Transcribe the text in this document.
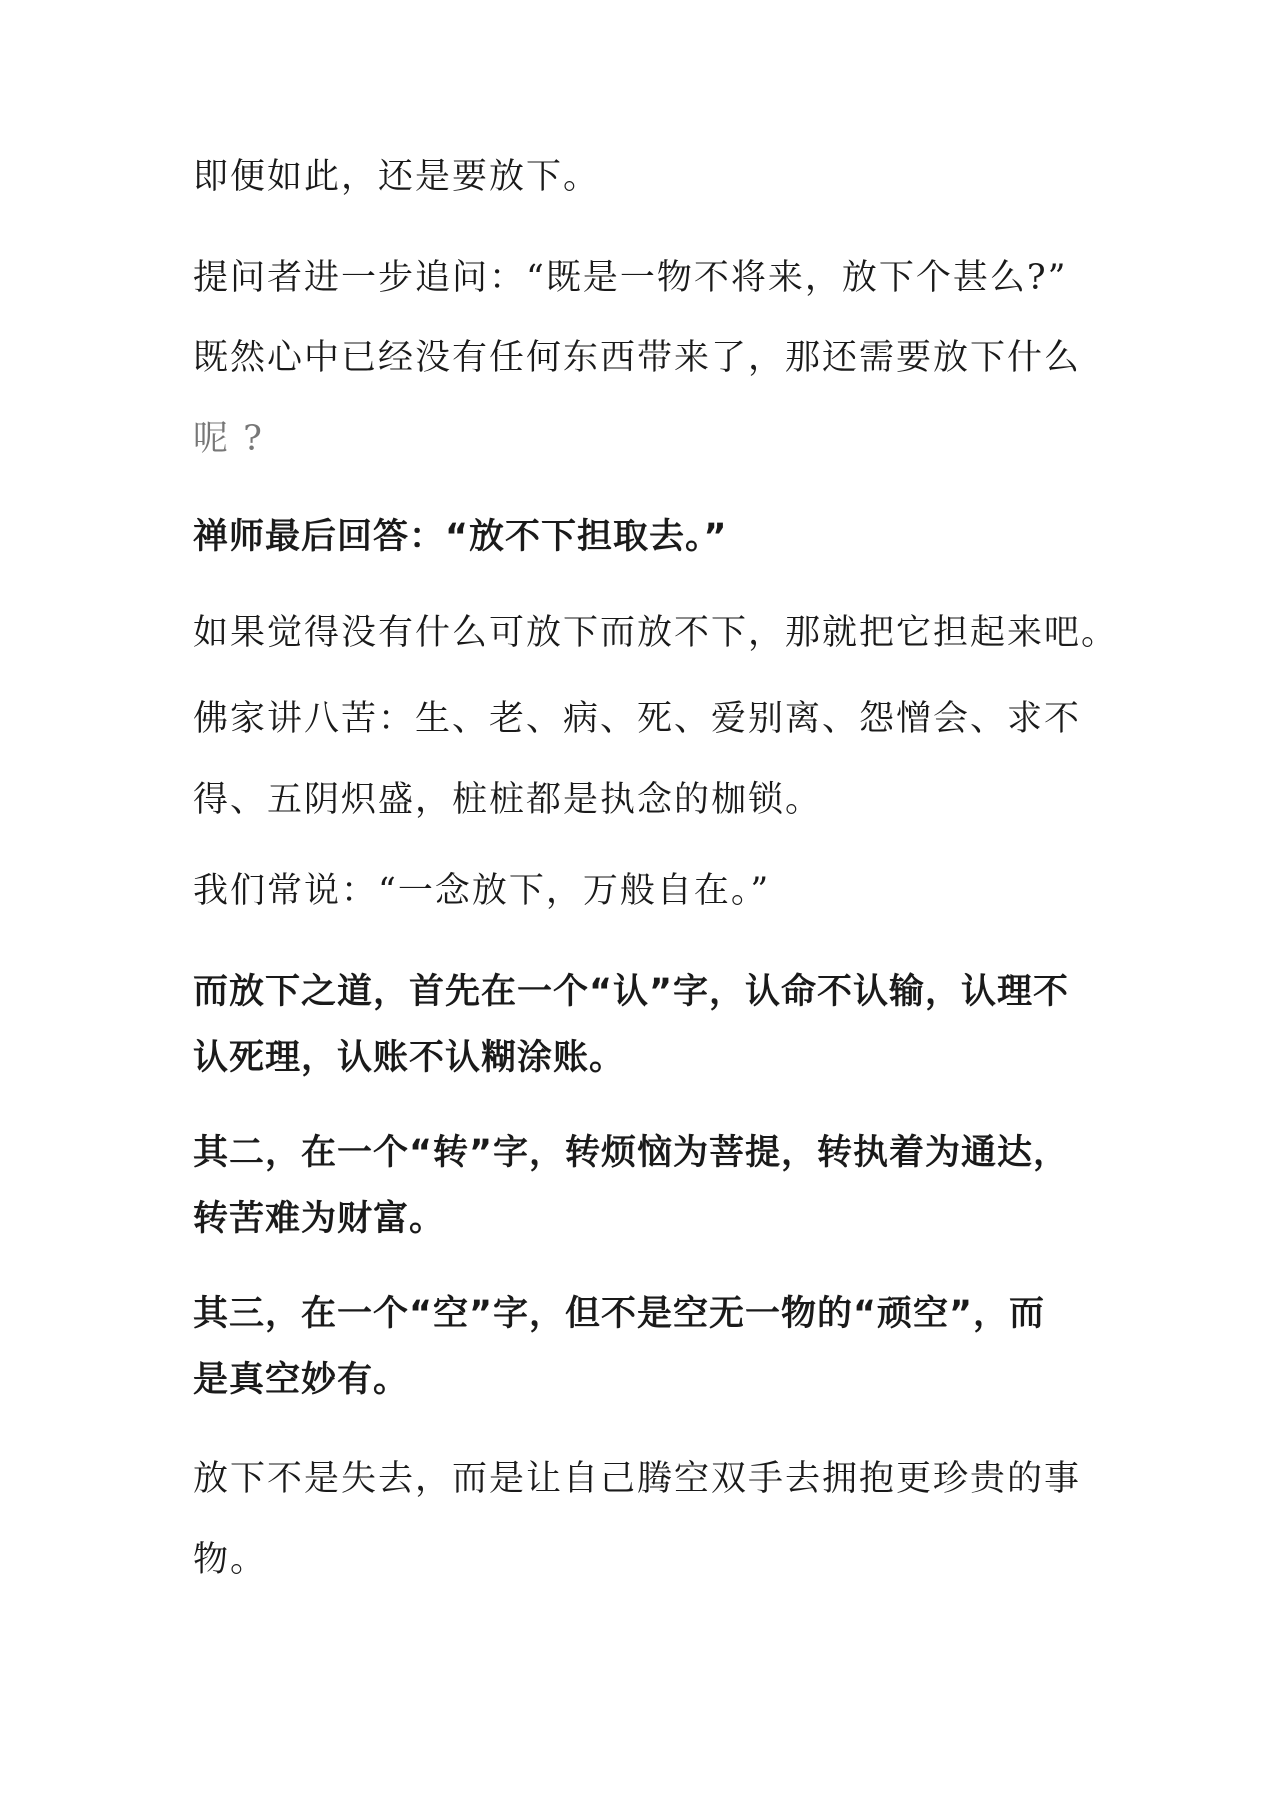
即便如此，还是要放下。

提问者进一步追问：“既是一物不将来，放下个甚么?”

既然心中已经没有任何东西带来了，那还需要放下什么

呢 ?

禅师最后回答：“放不下担取去。”

如果觉得没有什么可放下而放不下，那就把它担起来吧。

佛家讲八苦：生、老、病、死、爱别离、怨憎会、求不

得、五阴炽盛，桩桩都是执念的枷锁。

我们常说：“一念放下，万般自在。”

而放下之道，首先在一个“认”字，认命不认输，认理不

认死理，认账不认糊涂账。

其二，在一个“转”字，转烦恼为菩提，转执着为通达，

转苦难为财富。

其三，在一个“空”字，但不是空无一物的“顽空”，而

是真空妙有。

放下不是失去，而是让自己腾空双手去拥抱更珍贵的事

物。
